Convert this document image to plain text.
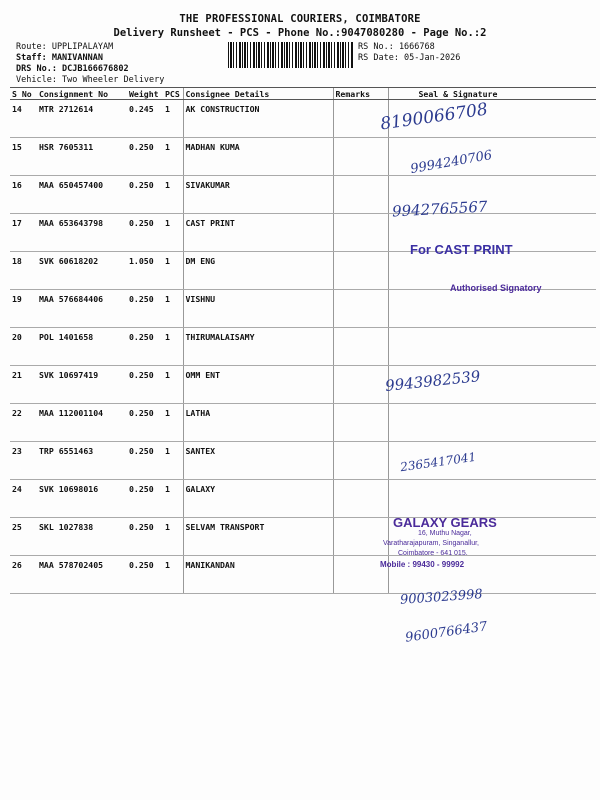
THE PROFESSIONAL COURIERS, COIMBATORE
Delivery Runsheet - PCS - Phone No.:9047080280 - Page No.:2
Route: UPPLIPALAYAM
Staff: MANIVANNAN
DRS No.: DCJB166676802
Vehicle: Two Wheeler Delivery
RS No.: 1666768
RS Date: 05-Jan-2026
S No	Consignment No	Weight	PCS	Consignee Details	Remarks	Seal & Signature
14	MTR 2712614	0.245	1	AK CONSTRUCTION		
15	HSR 7605311	0.250	1	MADHAN KUMA		
16	MAA 650457400	0.250	1	SIVAKUMAR		
17	MAA 653643798	0.250	1	CAST PRINT		
18	SVK 60618202	1.050	1	DM ENG		
19	MAA 576684406	0.250	1	VISHNU		
20	POL 1401658	0.250	1	THIRUMALAISAMY		
21	SVK 10697419	0.250	1	OMM ENT		
22	MAA 112001104	0.250	1	LATHA		
23	TRP 6551463	0.250	1	SANTEX		
24	SVK 10698016	0.250	1	GALAXY		
25	SKL 1027838	0.250	1	SELVAM TRANSPORT		
26	MAA 578702405	0.250	1	MANIKANDAN		
8190066708
9994240706
9942765567
For CAST PRINT
Authorised Signatory
9943982539
2365417041
GALAXY GEARS
16, Muthu Nagar,
Varatharajapuram, Singanallur,
Coimbatore - 641 015.
Mobile : 99430 - 99992
9003023998
9600766437
